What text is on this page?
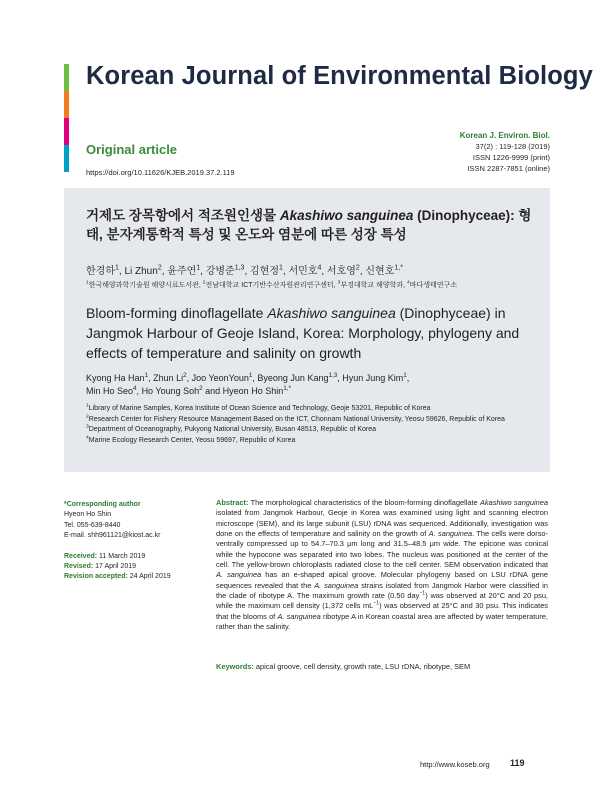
Korean Journal of Environmental Biology
Original article
https://doi.org/10.11626/KJEB.2019.37.2.119
Korean J. Environ. Biol.
37(2) : 119-128 (2019)
ISSN 1226-9999 (print)
ISSN 2287-7851 (online)
거제도 장목항에서 적조원인생물 Akashiwo sanguinea (Dinophyceae): 형태, 분자계통학적 특성 및 온도와 염분에 따른 성장 특성
한경하$^1$, Li Zhun$^2$, 윤주연$^1$, 강병준$^{1,3}$, 김현정$^1$, 서민호$^4$, 서호영$^2$, 신현호$^{1,*}$
$^1$한국해양과학기술원 해양시료도서관, $^2$전남대학교 ICT기반수산자원관리연구센터, $^3$부경대학교 해양학과, $^4$바다생태연구소
Bloom-forming dinoflagellate Akashiwo sanguinea (Dinophyceae) in Jangmok Harbour of Geoje Island, Korea: Morphology, phylogeny and effects of temperature and salinity on growth
Kyong Ha Han$^1$, Zhun Li$^2$, Joo YeonYoun$^1$, Byeong Jun Kang$^{1,3}$, Hyun Jung Kim$^1$,
Min Ho Seo$^4$, Ho Young Soh$^2$ and Hyeon Ho Shin$^{1,*}$
$^1$Library of Marine Samples, Korea Institute of Ocean Science and Technology, Geoje 53201, Republic of Korea
$^2$Research Center for Fishery Resource Management Based on the ICT, Chonnam National University, Yeosu 59626, Republic of Korea
$^3$Department of Oceanography, Pukyong National University, Busan 48513, Republic of Korea
$^4$Marine Ecology Research Center, Yeosu 59697, Republic of Korea
*Corresponding author
Hyeon Ho Shin
Tel. 055-639-8440
E-mail. shh961121@kiost.ac.kr
Received: 11 March 2019
Revised: 17 April 2019
Revision accepted: 24 April 2019
Abstract: The morphological characteristics of the bloom-forming dinoflagellate Akashiwo sanguinea isolated from Jangmok Harbour, Geoje in Korea was examined using light and scanning electron microscope (SEM), and its large subunit (LSU) rDNA was sequenced. Additionally, investigation was done on the effects of temperature and salinity on the growth of A. sanguinea. The cells were dorso-ventrally compressed up to 54.7–70.3 μm long and 31.5–48.5 μm wide. The epicone was conical while the hypocone was separated into two lobes. The nucleus was positioned at the center of the cell. The yellow-brown chloroplasts radiated close to the cell center. SEM observation indicated that A. sanguinea has an e-shaped apical groove. Molecular phylogeny based on LSU rDNA gene sequences revealed that the A. sanguinea strains isolated from Jangmok Harbor were classified in the clade of ribotype A. The maximum growth rate (0.50 day$^{-1}$) was observed at 20°C and 20 psu, while the maximum cell density (1,372 cells $mL^{-1}$) was observed at 25°C and 30 psu. This indicates that the blooms of A. sanguinea ribotype A in Korean coastal area are affected by water temperature, rather than the salinity.
Keywords: apical groove, cell density, growth rate, LSU rDNA, ribotype, SEM
http://www.koseb.org 119
